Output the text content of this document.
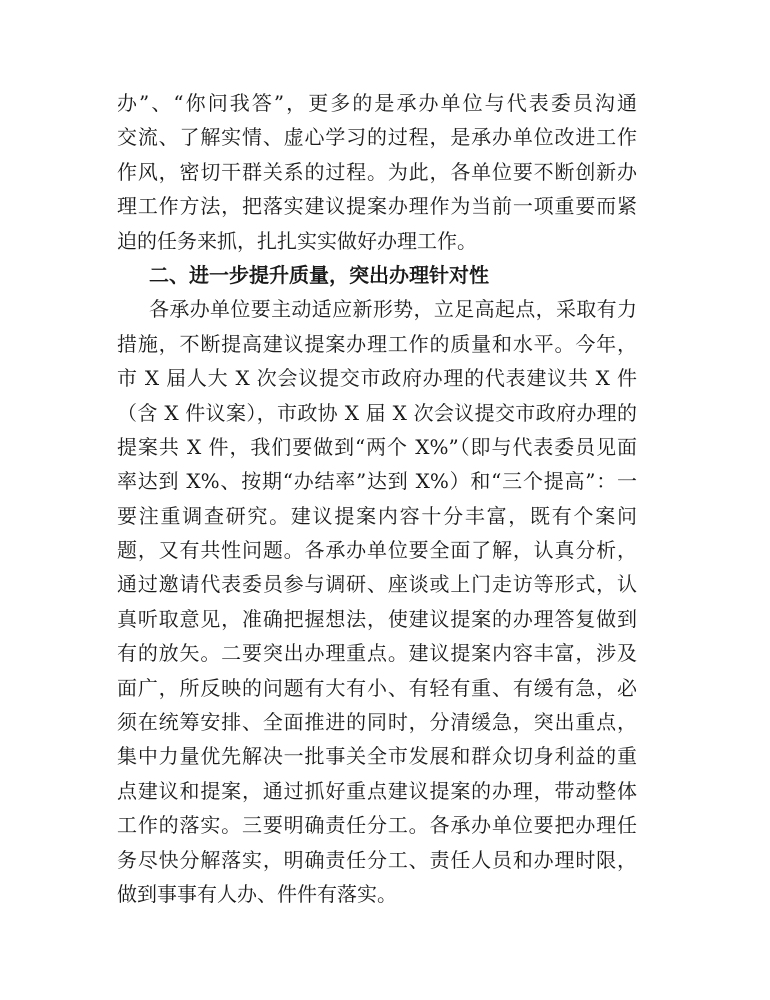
办”、“你问我答”，更多的是承办单位与代表委员沟通
交流、了解实情、虚心学习的过程，是承办单位改进工作
作风，密切干群关系的过程。为此，各单位要不断创新办
理工作方法，把落实建议提案办理作为当前一项重要而紧
迫的任务来抓，扎扎实实做好办理工作。
二、进一步提升质量，突出办理针对性
各承办单位要主动适应新形势，立足高起点，采取有力
措施，不断提高建议提案办理工作的质量和水平。今年，
市 X 届人大 X 次会议提交市政府办理的代表建议共 X 件
（含 X 件议案），市政协 X 届 X 次会议提交市政府办理的
提案共 X 件，我们要做到“两个 X%”（即与代表委员见面
率达到 X%、按期“办结率”达到 X%）和“三个提高”：一
要注重调查研究。建议提案内容十分丰富，既有个案问
题，又有共性问题。各承办单位要全面了解，认真分析，
通过邀请代表委员参与调研、座谈或上门走访等形式，认
真听取意见，准确把握想法，使建议提案的办理答复做到
有的放矢。二要突出办理重点。建议提案内容丰富，涉及
面广，所反映的问题有大有小、有轻有重、有缓有急，必
须在统筹安排、全面推进的同时，分清缓急，突出重点，
集中力量优先解决一批事关全市发展和群众切身利益的重
点建议和提案，通过抓好重点建议提案的办理，带动整体
工作的落实。三要明确责任分工。各承办单位要把办理任
务尽快分解落实，明确责任分工、责任人员和办理时限，
做到事事有人办、件件有落实。
